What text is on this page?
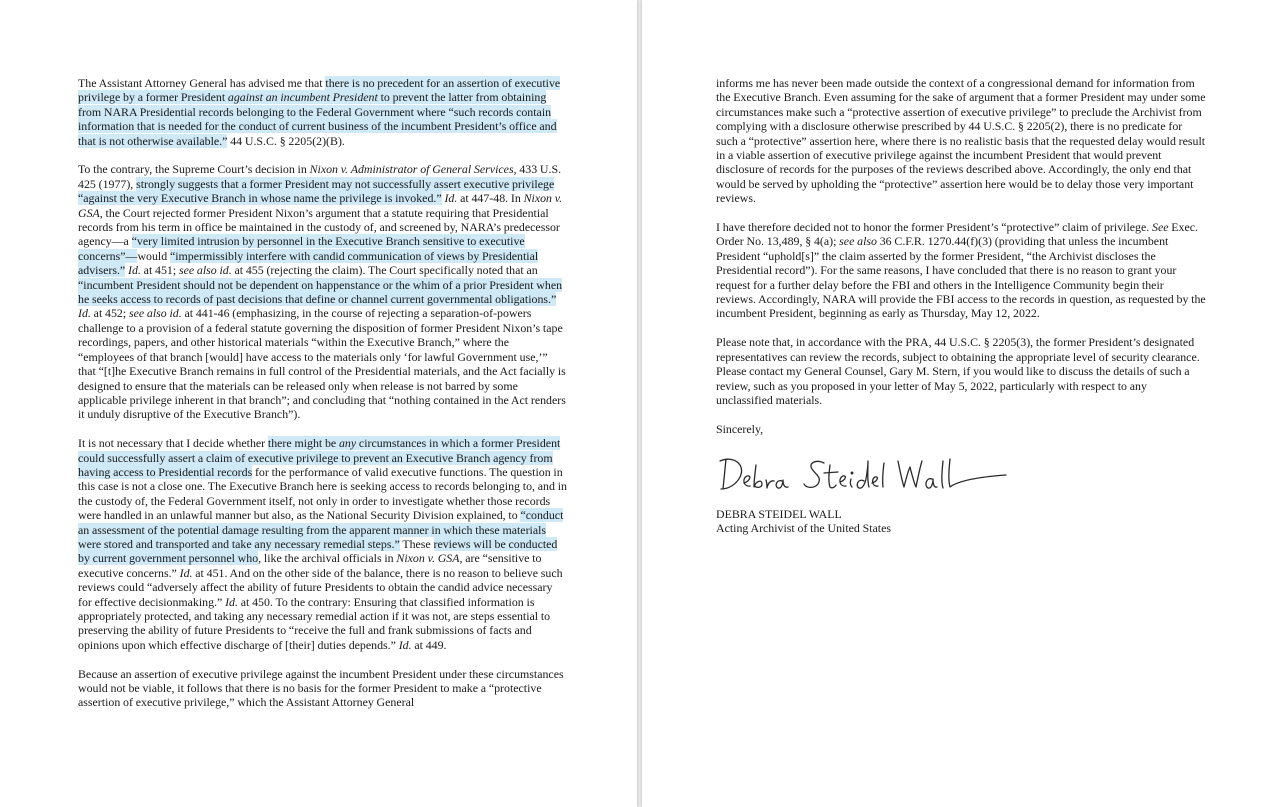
The Assistant Attorney General has advised me that there is no precedent for an assertion of executive privilege by a former President against an incumbent President to prevent the latter from obtaining from NARA Presidential records belonging to the Federal Government where “such records contain information that is needed for the conduct of current business of the incumbent President’s office and that is not otherwise available.” 44 U.S.C. § 2205(2)(B).

To the contrary, the Supreme Court’s decision in Nixon v. Administrator of General Services, 433 U.S. 425 (1977), strongly suggests that a former President may not successfully assert executive privilege “against the very Executive Branch in whose name the privilege is invoked.” Id. at 447-48. In Nixon v. GSA, the Court rejected former President Nixon’s argument that a statute requiring that Presidential records from his term in office be maintained in the custody of, and screened by, NARA’s predecessor agency—a “very limited intrusion by personnel in the Executive Branch sensitive to executive concerns”—would “impermissibly interfere with candid communication of views by Presidential advisers.” Id. at 451; see also id. at 455 (rejecting the claim). The Court specifically noted that an “incumbent President should not be dependent on happenstance or the whim of a prior President when he seeks access to records of past decisions that define or channel current governmental obligations.” Id. at 452; see also id. at 441-46 (emphasizing, in the course of rejecting a separation-of-powers challenge to a provision of a federal statute governing the disposition of former President Nixon’s tape recordings, papers, and other historical materials “within the Executive Branch,” where the “employees of that branch [would] have access to the materials only ‘for lawful Government use,’” that “[t]he Executive Branch remains in full control of the Presidential materials, and the Act facially is designed to ensure that the materials can be released only when release is not barred by some applicable privilege inherent in that branch”; and concluding that “nothing contained in the Act renders it unduly disruptive of the Executive Branch”).

It is not necessary that I decide whether there might be any circumstances in which a former President could successfully assert a claim of executive privilege to prevent an Executive Branch agency from having access to Presidential records for the performance of valid executive functions. The question in this case is not a close one. The Executive Branch here is seeking access to records belonging to, and in the custody of, the Federal Government itself, not only in order to investigate whether those records were handled in an unlawful manner but also, as the National Security Division explained, to “conduct an assessment of the potential damage resulting from the apparent manner in which these materials were stored and transported and take any necessary remedial steps.” These reviews will be conducted by current government personnel who, like the archival officials in Nixon v. GSA, are “sensitive to executive concerns.” Id. at 451. And on the other side of the balance, there is no reason to believe such reviews could “adversely affect the ability of future Presidents to obtain the candid advice necessary for effective decisionmaking.” Id. at 450. To the contrary: Ensuring that classified information is appropriately protected, and taking any necessary remedial action if it was not, are steps essential to preserving the ability of future Presidents to “receive the full and frank submissions of facts and opinions upon which effective discharge of [their] duties depends.” Id. at 449.

Because an assertion of executive privilege against the incumbent President under these circumstances would not be viable, it follows that there is no basis for the former President to make a “protective assertion of executive privilege,” which the Assistant Attorney General

informs me has never been made outside the context of a congressional demand for information from the Executive Branch. Even assuming for the sake of argument that a former President may under some circumstances make such a “protective assertion of executive privilege” to preclude the Archivist from complying with a disclosure otherwise prescribed by 44 U.S.C. § 2205(2), there is no predicate for such a “protective” assertion here, where there is no realistic basis that the requested delay would result in a viable assertion of executive privilege against the incumbent President that would prevent disclosure of records for the purposes of the reviews described above. Accordingly, the only end that would be served by upholding the “protective” assertion here would be to delay those very important reviews.

I have therefore decided not to honor the former President’s “protective” claim of privilege. See Exec. Order No. 13,489, § 4(a); see also 36 C.F.R. 1270.44(f)(3) (providing that unless the incumbent President “uphold[s]” the claim asserted by the former President, “the Archivist discloses the Presidential record”). For the same reasons, I have concluded that there is no reason to grant your request for a further delay before the FBI and others in the Intelligence Community begin their reviews. Accordingly, NARA will provide the FBI access to the records in question, as requested by the incumbent President, beginning as early as Thursday, May 12, 2022.

Please note that, in accordance with the PRA, 44 U.S.C. § 2205(3), the former President’s designated representatives can review the records, subject to obtaining the appropriate level of security clearance. Please contact my General Counsel, Gary M. Stern, if you would like to discuss the details of such a review, such as you proposed in your letter of May 5, 2022, particularly with respect to any unclassified materials.

Sincerely,

DEBRA STEIDEL WALL
Acting Archivist of the United States
